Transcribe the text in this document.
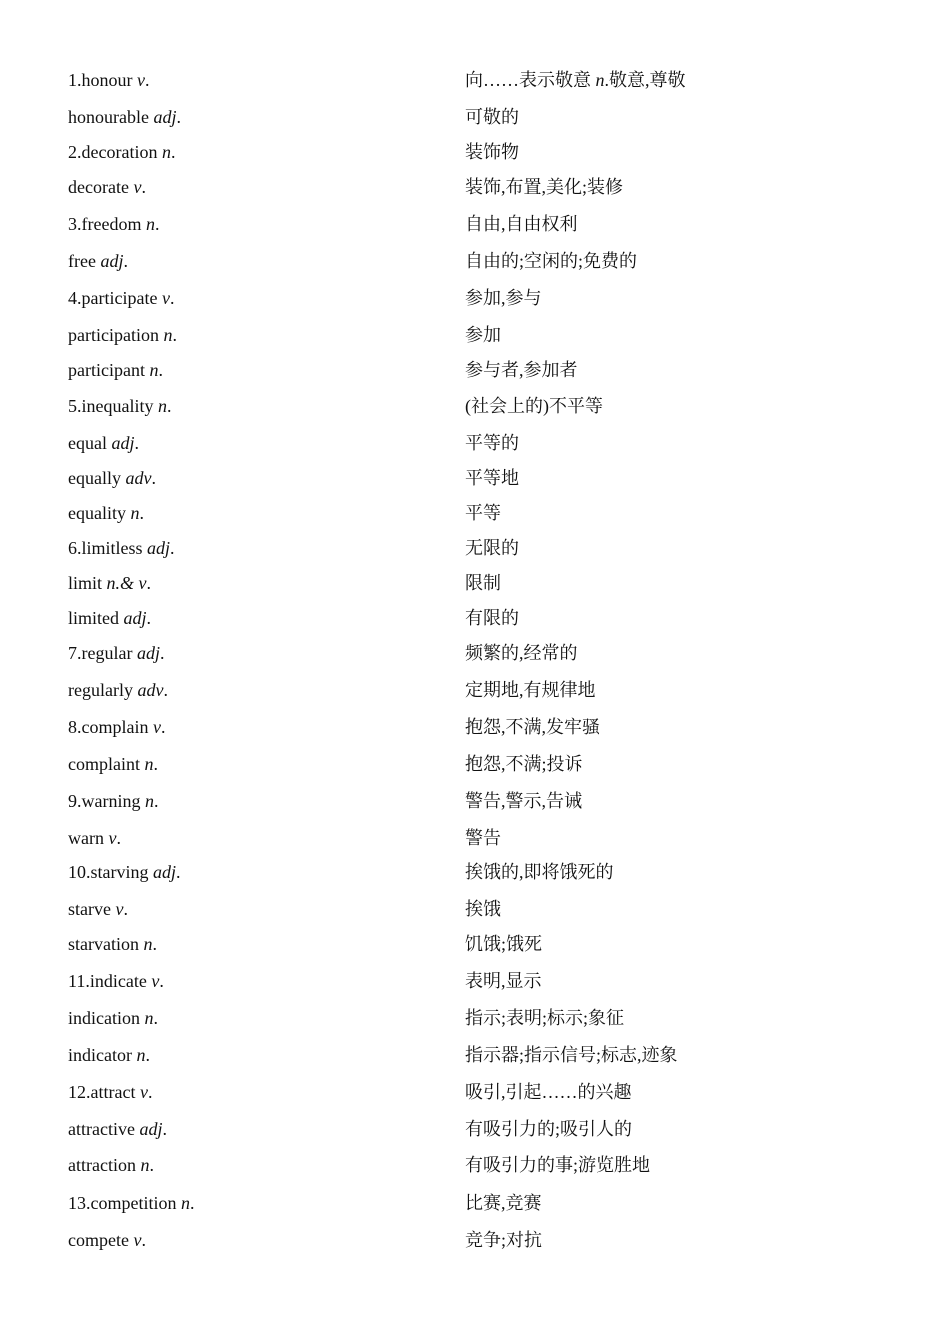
1.honour v.	向……表示敬意 n.敬意,尊敬
honourable adj.	可敬的
2.decoration n.	装饰物
decorate v.	装饰,布置,美化;装修
3.freedom n.	自由,自由权利
free adj.	自由的;空闲的;免费的
4.participate v.	参加,参与
participation n.	参加
participant n.	参与者,参加者
5.inequality n.	(社会上的)不平等
equal adj.	平等的
equally adv.	平等地
equality n.	平等
6.limitless adj.	无限的
limit n.& v.	限制
limited adj.	有限的
7.regular adj.	频繁的,经常的
regularly adv.	定期地,有规律地
8.complain v.	抱怨,不满,发牢骚
complaint n.	抱怨,不满;投诉
9.warning n.	警告,警示,告诫
warn v.	警告
10.starving adj.	挨饿的,即将饿死的
starve v.	挨饿
starvation n.	饥饿;饿死
11.indicate v.	表明,显示
indication n.	指示;表明;标示;象征
indicator n.	指示器;指示信号;标志,迹象
12.attract v.	吸引,引起……的兴趣
attractive adj.	有吸引力的;吸引人的
attraction n.	有吸引力的事;游览胜地
13.competition n.	比赛,竞赛
compete v.	竞争;对抗
